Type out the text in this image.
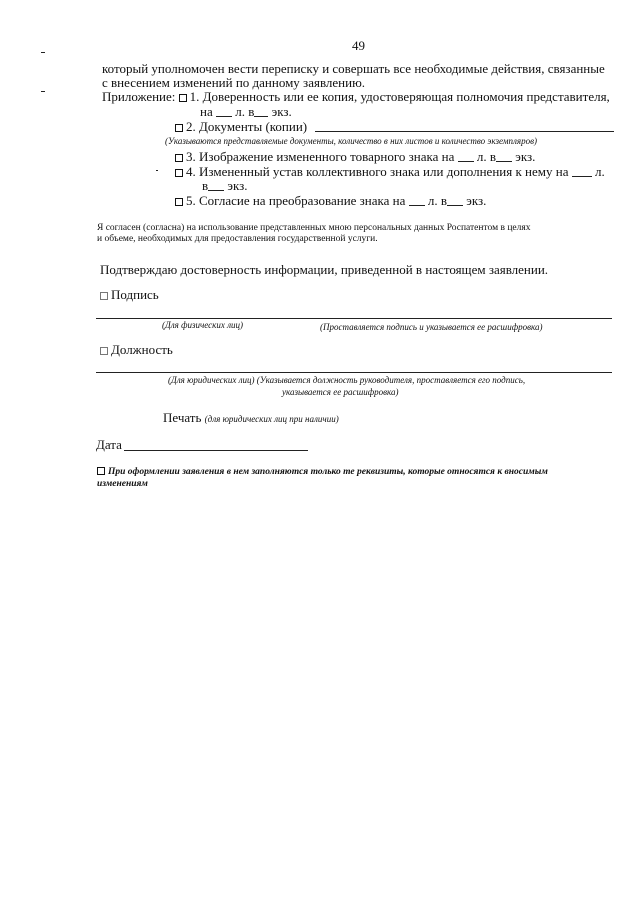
49
который уполномочен вести переписку и совершать все необходимые действия, связанные
с внесением изменений по данному заявлению.
Приложение: 1. Доверенность или ее копия, удостоверяющая полномочия представителя,
на л. в экз.
2. Документы (копии)
(Указываются представляемые документы, количество в них листов и количество экземпляров)
3. Изображение измененного товарного знака на л. в экз.
4. Измененный устав коллективного знака или дополнения к нему на л.
в экз.
5. Согласие на преобразование знака на л. в экз.
Я согласен (согласна) на использование представленных мною персональных данных Роспатентом в целях
и объеме, необходимых для предоставления государственной услуги.
Подтверждаю достоверность информации, приведенной в настоящем заявлении.
Подпись
(Для физических лиц)	(Проставляется подпись и указывается ее расшифровка)
Должность
(Для юридических лиц) (Указывается должность руководителя, проставляется его подпись,
указывается ее расшифровка)
Печать (для юридических лиц при наличии)
Дата
При оформлении заявления в нем заполняются только те реквизиты, которые относятся к вносимым
изменениям
